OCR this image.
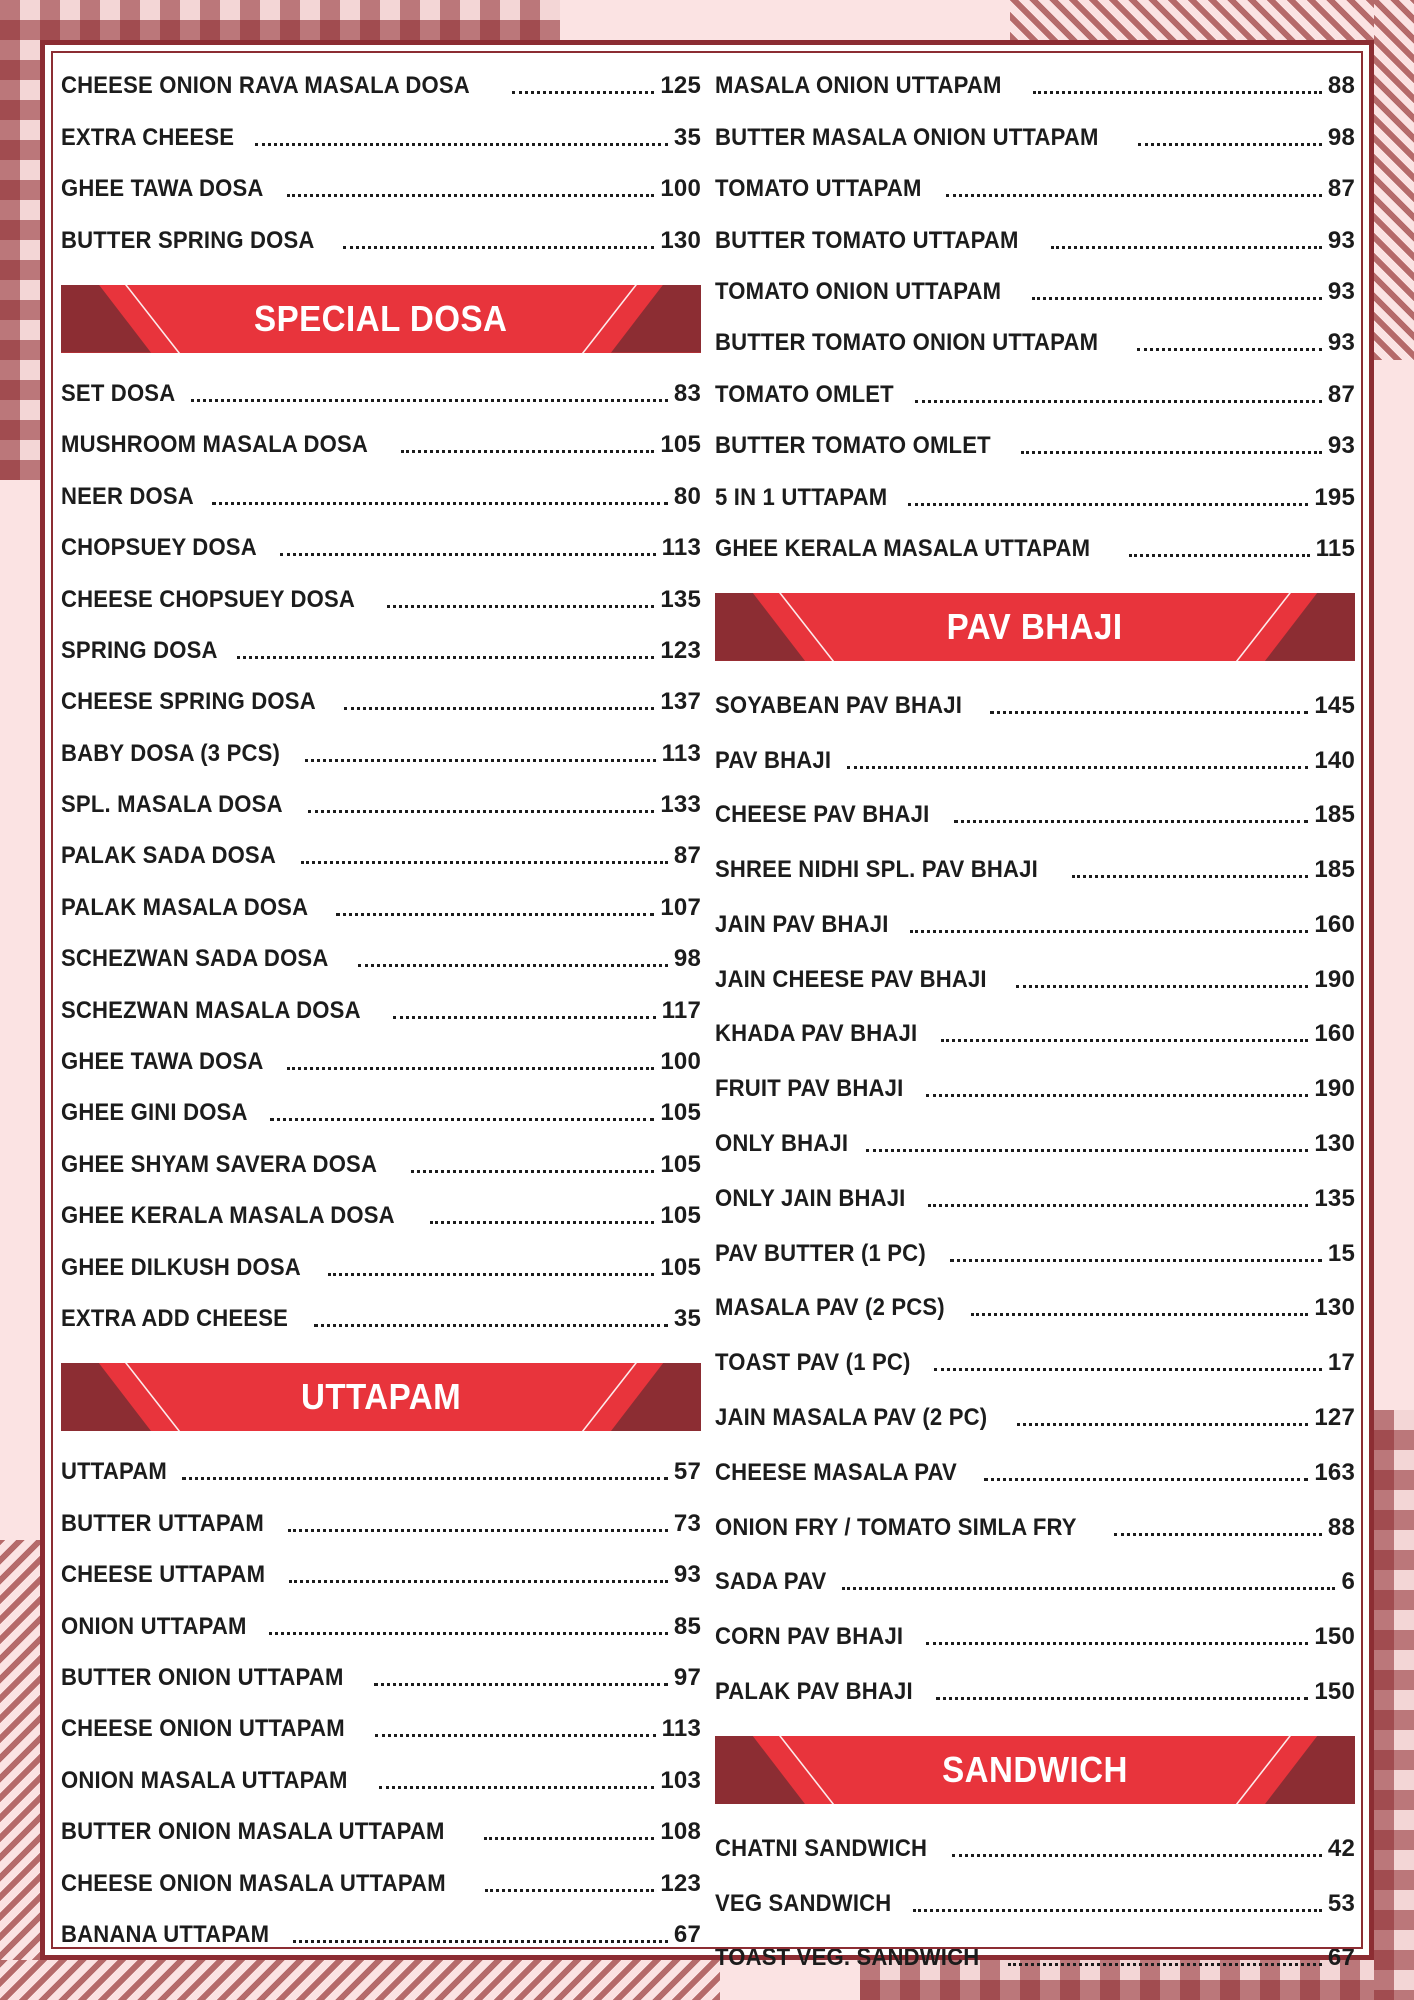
CHEESE ONION RAVA MASALA DOSA	125
EXTRA CHEESE	35
GHEE TAWA DOSA	100
BUTTER SPRING DOSA	130
SPECIAL DOSA
SET DOSA	83
MUSHROOM MASALA DOSA	105
NEER DOSA	80
CHOPSUEY DOSA	113
CHEESE CHOPSUEY DOSA	135
SPRING DOSA	123
CHEESE SPRING DOSA	137
BABY DOSA (3 PCS)	113
SPL. MASALA DOSA	133
PALAK SADA DOSA	87
PALAK MASALA DOSA	107
SCHEZWAN SADA DOSA	98
SCHEZWAN MASALA DOSA	117
GHEE TAWA DOSA	100
GHEE GINI DOSA	105
GHEE SHYAM SAVERA DOSA	105
GHEE KERALA MASALA DOSA	105
GHEE DILKUSH DOSA	105
EXTRA ADD CHEESE	35
UTTAPAM
UTTAPAM	57
BUTTER UTTAPAM	73
CHEESE UTTAPAM	93
ONION UTTAPAM	85
BUTTER ONION UTTAPAM	97
CHEESE ONION UTTAPAM	113
ONION MASALA UTTAPAM	103
BUTTER ONION MASALA UTTAPAM	108
CHEESE ONION MASALA UTTAPAM	123
BANANA UTTAPAM	67
MASALA ONION UTTAPAM	88
BUTTER MASALA ONION UTTAPAM	98
TOMATO UTTAPAM	87
BUTTER TOMATO UTTAPAM	93
TOMATO ONION UTTAPAM	93
BUTTER TOMATO ONION UTTAPAM	93
TOMATO OMLET	87
BUTTER TOMATO OMLET	93
5 IN 1 UTTAPAM	195
GHEE KERALA MASALA UTTAPAM	115
PAV BHAJI
SOYABEAN PAV BHAJI	145
PAV BHAJI	140
CHEESE PAV BHAJI	185
SHREE NIDHI SPL. PAV BHAJI	185
JAIN PAV BHAJI	160
JAIN CHEESE PAV BHAJI	190
KHADA PAV BHAJI	160
FRUIT PAV BHAJI	190
ONLY BHAJI	130
ONLY JAIN BHAJI	135
PAV BUTTER (1 PC)	15
MASALA PAV (2 PCS)	130
TOAST PAV (1 PC)	17
JAIN MASALA PAV (2 PC)	127
CHEESE MASALA PAV	163
ONION FRY / TOMATO SIMLA FRY	88
SADA PAV	6
CORN PAV BHAJI	150
PALAK PAV BHAJI	150
SANDWICH
CHATNI SANDWICH	42
VEG SANDWICH	53
TOAST VEG. SANDWICH	67
